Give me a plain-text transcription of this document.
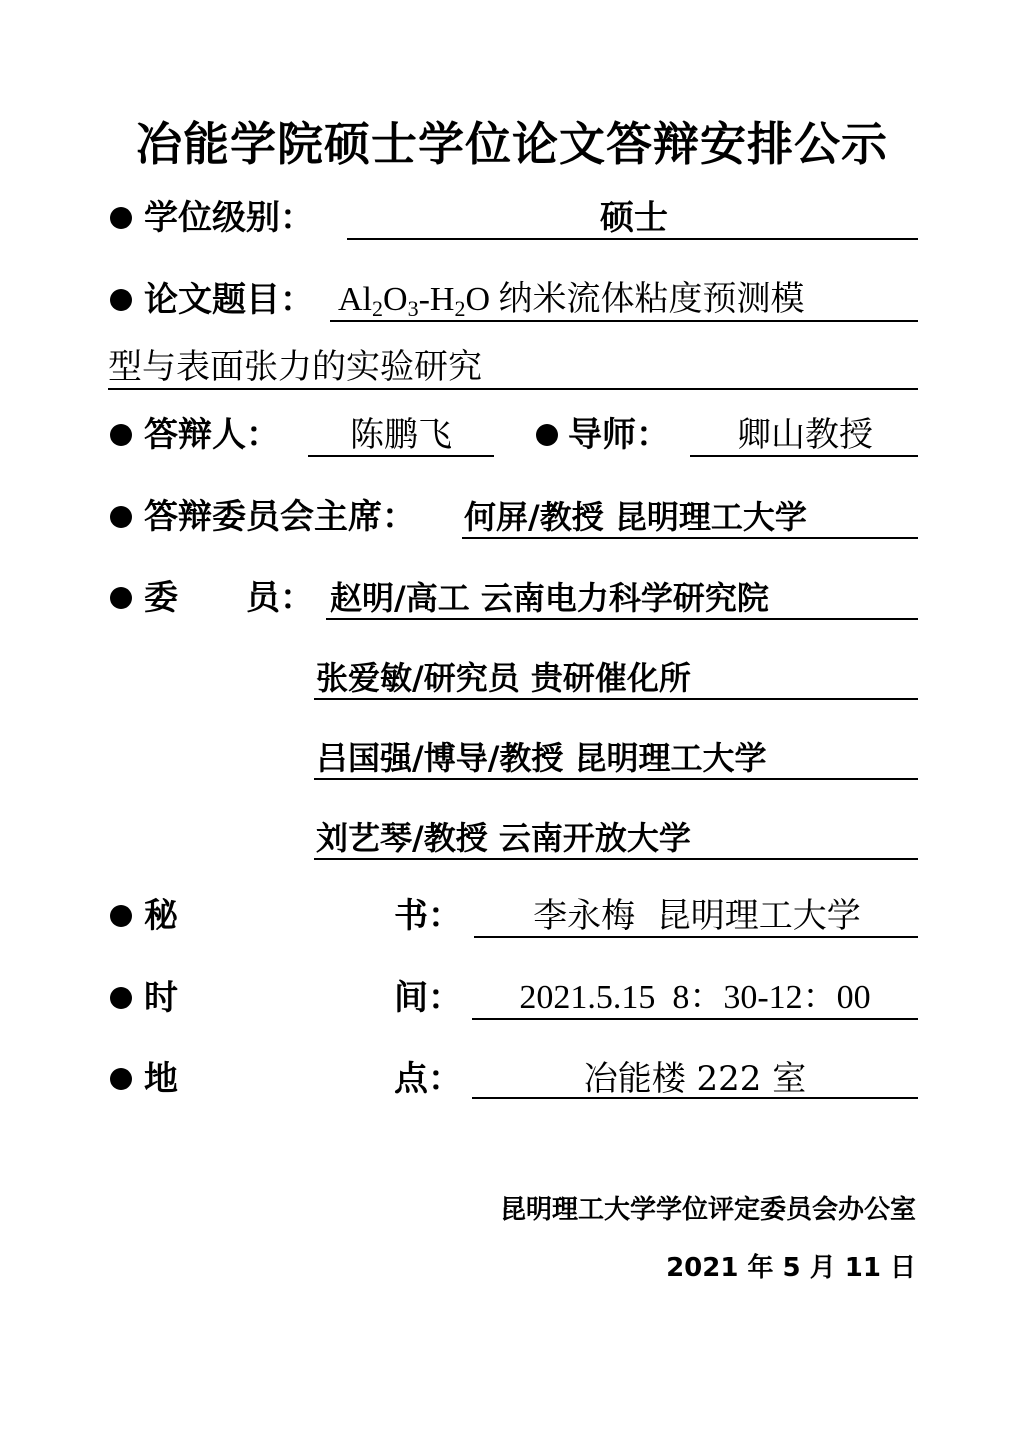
冶能学院硕士学位论文答辩安排公示
学位级别：	硕士
论文题目： $Al_2O_3-H_2O$ 纳米流体粘度预测模
型与表面张力的实验研究
答辩人：	陈鹏飞	导师：	卿山教授
答辩委员会主席： 何屏/教授 昆明理工大学
委 员： 赵明/高工 云南电力科学研究院
张爱敏/研究员 贵研催化所
吕国强/博导/教授 昆明理工大学
刘艺琴/教授 云南开放大学
秘	书：	李永梅  昆明理工大学
时	间：	2021.5.15  8：30-12：00
地	点：	冶能楼 222 室
昆明理工大学学位评定委员会办公室
2021 年 5 月 11 日
